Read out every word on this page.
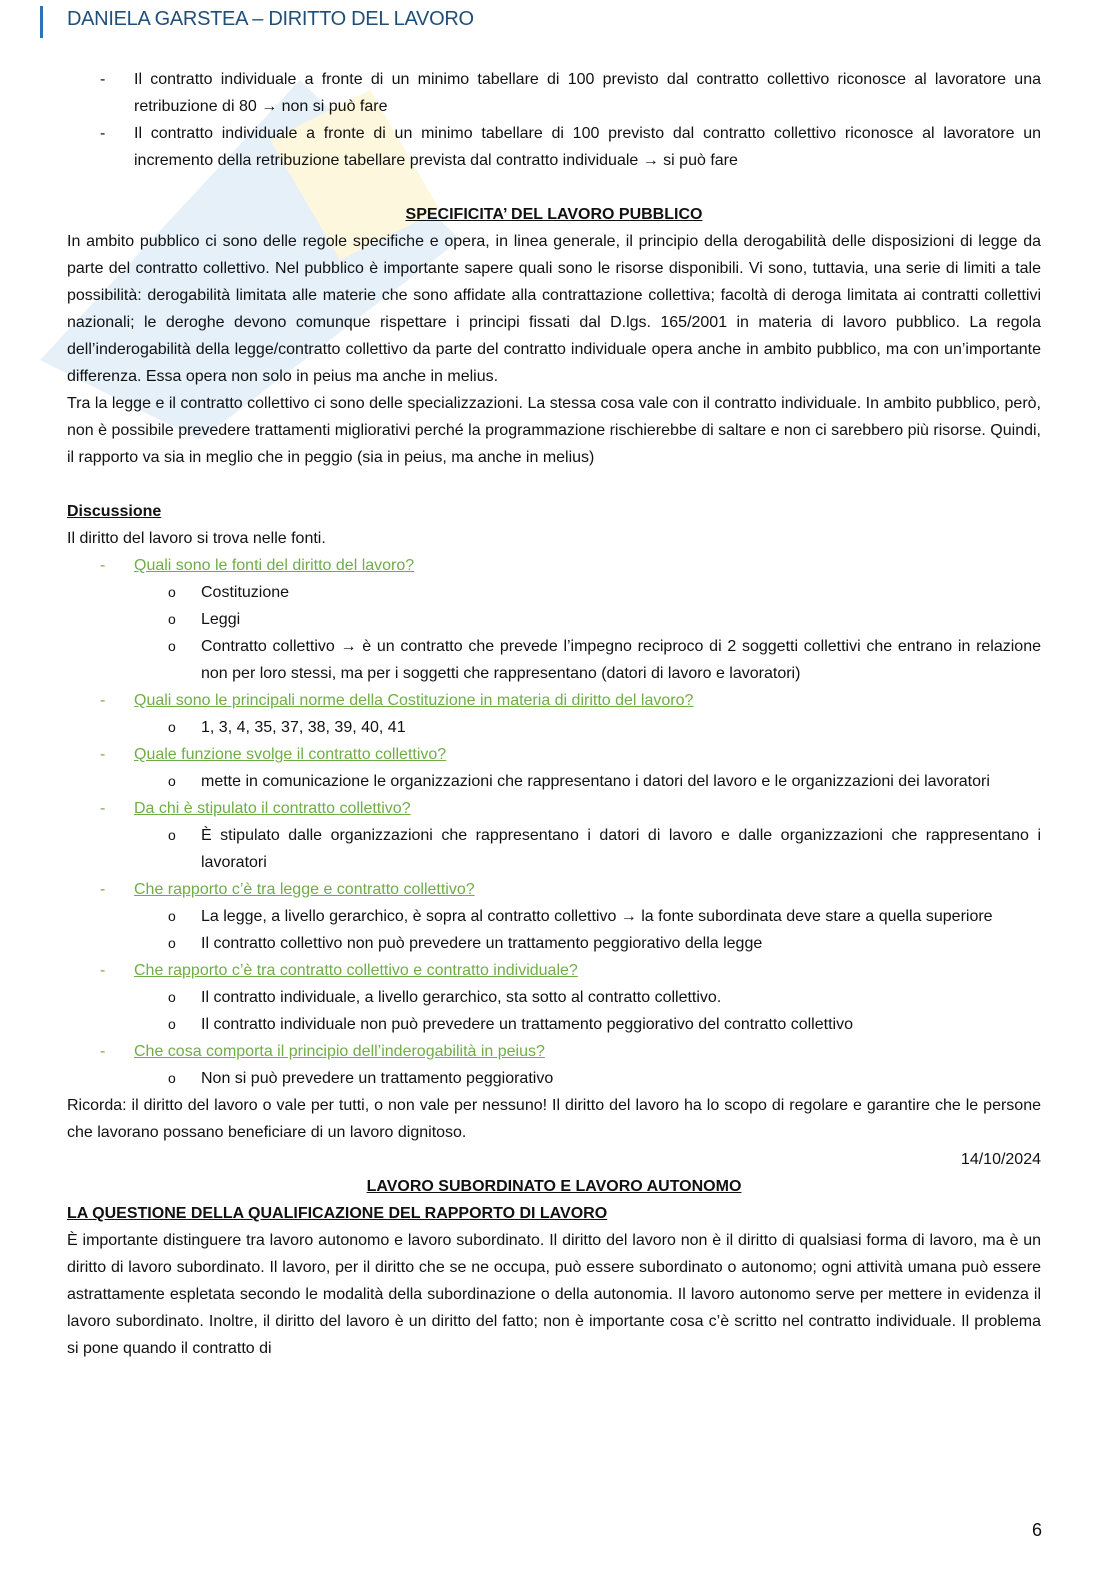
DANIELA GARSTEA – DIRITTO DEL LAVORO

- Il contratto individuale a fronte di un minimo tabellare di 100 previsto dal contratto collettivo riconosce al lavoratore una retribuzione di 80 → non si può fare

- Il contratto individuale a fronte di un minimo tabellare di 100 previsto dal contratto collettivo riconosce al lavoratore un incremento della retribuzione tabellare prevista dal contratto individuale → si può fare

SPECIFICITA’ DEL LAVORO PUBBLICO

In ambito pubblico ci sono delle regole specifiche e opera, in linea generale, il principio della derogabilità delle disposizioni di legge da parte del contratto collettivo. Nel pubblico è importante sapere quali sono le risorse disponibili. Vi sono, tuttavia, una serie di limiti a tale possibilità: derogabilità limitata alle materie che sono affidate alla contrattazione collettiva; facoltà di deroga limitata ai contratti collettivi nazionali; le deroghe devono comunque rispettare i principi fissati dal D.lgs. 165/2001 in materia di lavoro pubblico. La regola dell’inderogabilità della legge/contratto collettivo da parte del contratto individuale opera anche in ambito pubblico, ma con un’importante differenza. Essa opera non solo in peius ma anche in melius.

Tra la legge e il contratto collettivo ci sono delle specializzazioni. La stessa cosa vale con il contratto individuale. In ambito pubblico, però, non è possibile prevedere trattamenti migliorativi perché la programmazione rischierebbe di saltare e non ci sarebbero più risorse. Quindi, il rapporto va sia in meglio che in peggio (sia in peius, ma anche in melius)

Discussione

Il diritto del lavoro si trova nelle fonti.

- Quali sono le fonti del diritto del lavoro?

o Costituzione

o Leggi

o Contratto collettivo → è un contratto che prevede l’impegno reciproco di 2 soggetti collettivi che entrano in relazione non per loro stessi, ma per i soggetti che rappresentano (datori di lavoro e lavoratori)

- Quali sono le principali norme della Costituzione in materia di diritto del lavoro?

o 1, 3, 4, 35, 37, 38, 39, 40, 41

- Quale funzione svolge il contratto collettivo?

o mette in comunicazione le organizzazioni che rappresentano i datori del lavoro e le organizzazioni dei lavoratori

- Da chi è stipulato il contratto collettivo?

o È stipulato dalle organizzazioni che rappresentano i datori di lavoro e dalle organizzazioni che rappresentano i lavoratori

- Che rapporto c’è tra legge e contratto collettivo?

o La legge, a livello gerarchico, è sopra al contratto collettivo → la fonte subordinata deve stare a quella superiore

o Il contratto collettivo non può prevedere un trattamento peggiorativo della legge

- Che rapporto c’è tra contratto collettivo e contratto individuale?

o Il contratto individuale, a livello gerarchico, sta sotto al contratto collettivo.

o Il contratto individuale non può prevedere un trattamento peggiorativo del contratto collettivo

- Che cosa comporta il principio dell’inderogabilità in peius?

o Non si può prevedere un trattamento peggiorativo

Ricorda: il diritto del lavoro o vale per tutti, o non vale per nessuno! Il diritto del lavoro ha lo scopo di regolare e garantire che le persone che lavorano possano beneficiare di un lavoro dignitoso.

14/10/2024

LAVORO SUBORDINATO E LAVORO AUTONOMO

LA QUESTIONE DELLA QUALIFICAZIONE DEL RAPPORTO DI LAVORO

È importante distinguere tra lavoro autonomo e lavoro subordinato. Il diritto del lavoro non è il diritto di qualsiasi forma di lavoro, ma è un diritto di lavoro subordinato. Il lavoro, per il diritto che se ne occupa, può essere subordinato o autonomo; ogni attività umana può essere astrattamente espletata secondo le modalità della subordinazione o della autonomia. Il lavoro autonomo serve per mettere in evidenza il lavoro subordinato. Inoltre, il diritto del lavoro è un diritto del fatto; non è importante cosa c’è scritto nel contratto individuale. Il problema si pone quando il contratto di

6
